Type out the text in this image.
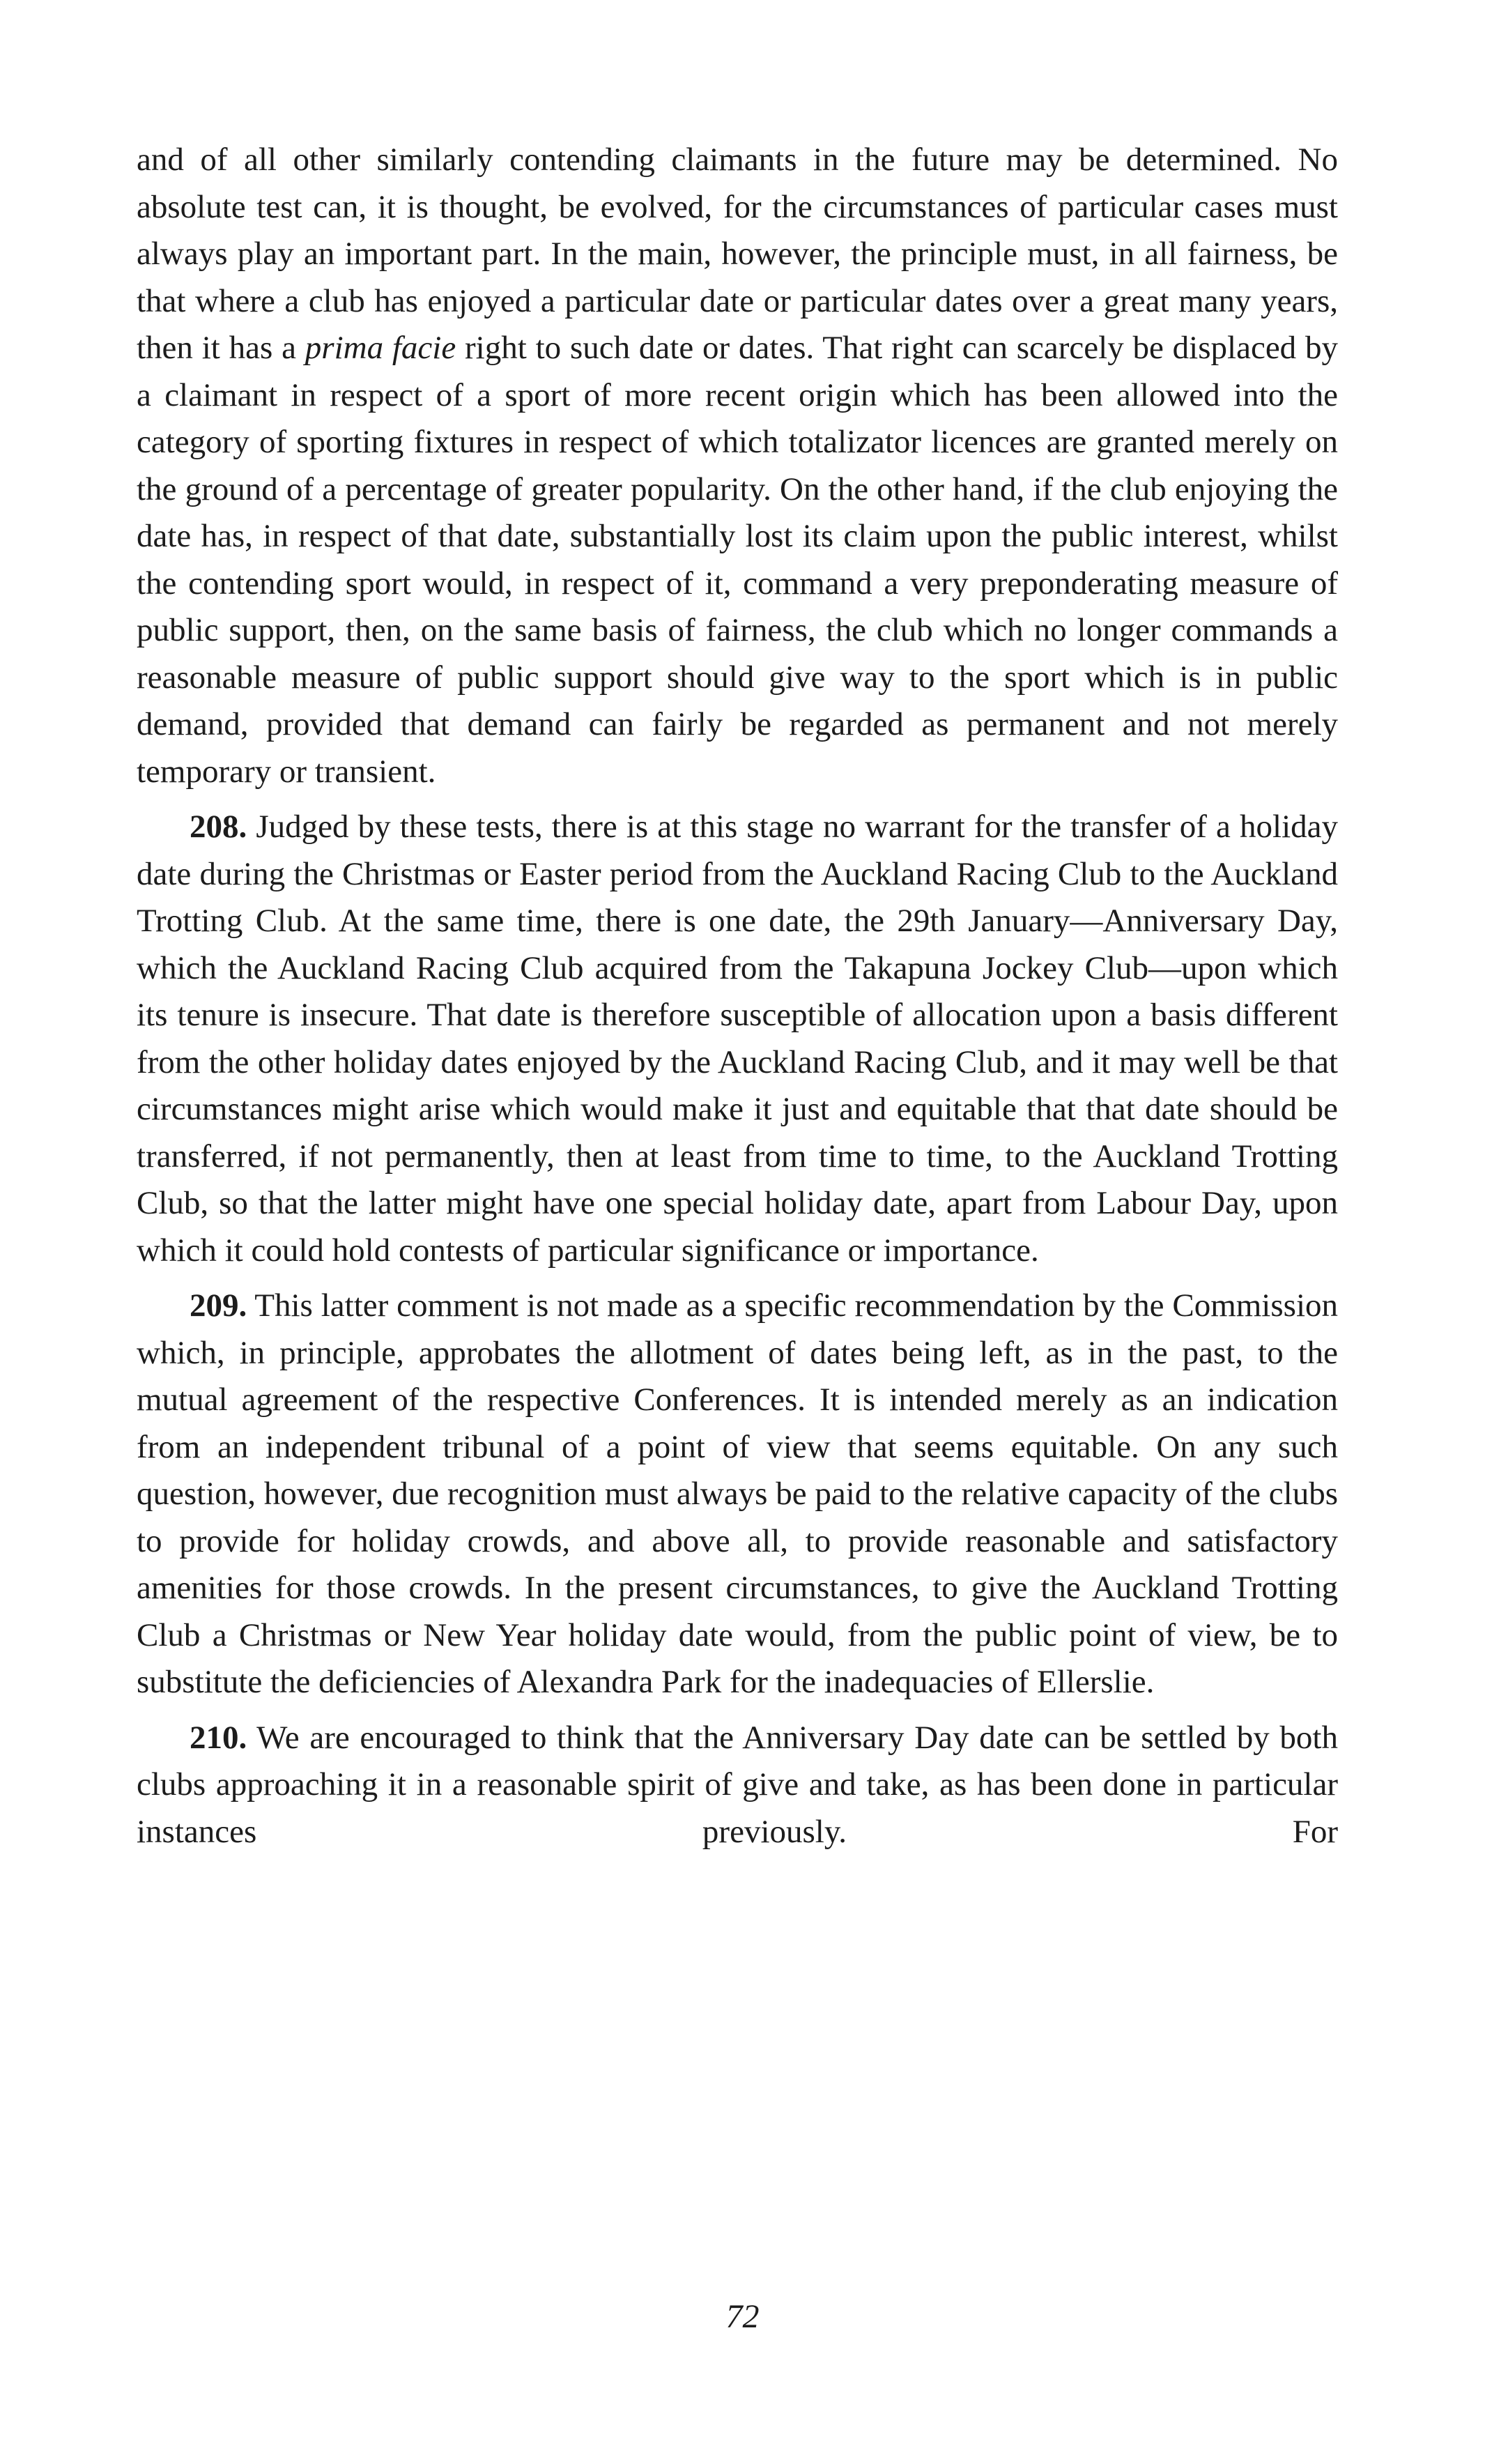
and of all other similarly contending claimants in the future may be determined. No absolute test can, it is thought, be evolved, for the circumstances of particular cases must always play an important part. In the main, however, the principle must, in all fairness, be that where a club has enjoyed a particular date or particular dates over a great many years, then it has a prima facie right to such date or dates. That right can scarcely be displaced by a claimant in respect of a sport of more recent origin which has been allowed into the category of sporting fixtures in respect of which totalizator licences are granted merely on the ground of a percentage of greater popularity. On the other hand, if the club enjoying the date has, in respect of that date, substantially lost its claim upon the public interest, whilst the contending sport would, in respect of it, command a very preponderating measure of public support, then, on the same basis of fairness, the club which no longer commands a reasonable measure of public support should give way to the sport which is in public demand, provided that demand can fairly be regarded as permanent and not merely temporary or transient.

208. Judged by these tests, there is at this stage no warrant for the transfer of a holiday date during the Christmas or Easter period from the Auckland Racing Club to the Auckland Trotting Club. At the same time, there is one date, the 29th January—Anniversary Day, which the Auckland Racing Club acquired from the Takapuna Jockey Club—upon which its tenure is insecure. That date is therefore susceptible of allocation upon a basis different from the other holiday dates enjoyed by the Auckland Racing Club, and it may well be that circumstances might arise which would make it just and equitable that that date should be transferred, if not permanently, then at least from time to time, to the Auckland Trotting Club, so that the latter might have one special holiday date, apart from Labour Day, upon which it could hold contests of particular significance or importance.

209. This latter comment is not made as a specific recommendation by the Commission which, in principle, approbates the allotment of dates being left, as in the past, to the mutual agreement of the respective Conferences. It is intended merely as an indication from an independent tribunal of a point of view that seems equitable. On any such question, however, due recognition must always be paid to the relative capacity of the clubs to provide for holiday crowds, and above all, to provide reasonable and satisfactory amenities for those crowds. In the present circumstances, to give the Auckland Trotting Club a Christmas or New Year holiday date would, from the public point of view, be to substitute the deficiencies of Alexandra Park for the inadequacies of Ellerslie.

210. We are encouraged to think that the Anniversary Day date can be settled by both clubs approaching it in a reasonable spirit of give and take, as has been done in particular instances previously. For

72
